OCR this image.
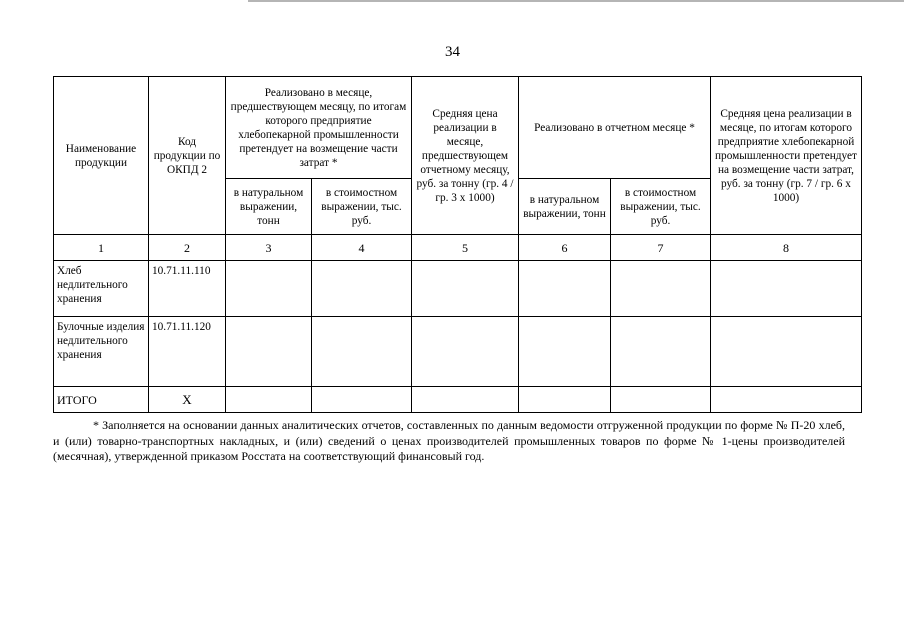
34
Наименование продукции	Код продукции по ОКПД 2	Реализовано в месяце, предшествующем месяцу, по итогам которого предприятие хлебопекарной промышленности претендует на возмещение части затрат *		Средняя цена реализации в месяце, предшествующем отчетному месяцу, руб. за тонну (гр. 4 / гр. 3 x 1000)	Реализовано в отчетном месяце *		Средняя цена реализации в месяце, по итогам которого предприятие хлебопекарной промышленности претендует на возмещение части затрат, руб. за тонну (гр. 7 / гр. 6 x 1000)
		в натуральном выражении, тонн	в стоимостном выражении, тыс. руб.		в натуральном выражении, тонн	в стоимостном выражении, тыс. руб.	
1	2	3	4	5	6	7	8
Хлеб недлительного хранения	10.71.11.110						
Булочные изделия недлительного хранения	10.71.11.120						
ИТОГО	X						
* Заполняется на основании данных аналитических отчетов, составленных по данным ведомости отгруженной продукции по форме № П-20 хлеб, и (или) товарно-транспортных накладных, и (или) сведений о ценах производителей промышленных товаров по форме № 1-цены производителей (месячная), утвержденной приказом Росстата на соответствующий финансовый год.
